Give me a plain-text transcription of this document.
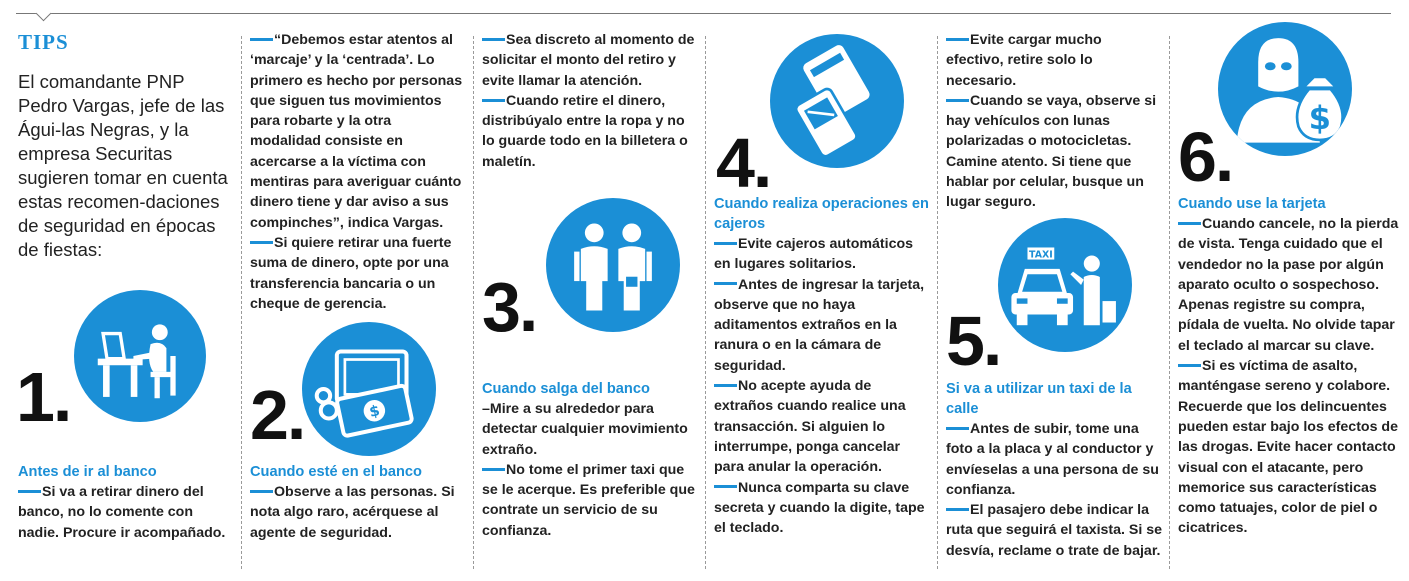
TIPS
El comandante PNP Pedro Vargas, jefe de las Águi-las Negras, y la empresa Securitas sugieren tomar en cuenta estas recomen-daciones de seguridad en épocas de fiestas:
1.
Antes de ir al banco

Si va a retirar dinero del banco, no lo comente con nadie. Procure ir acompañado.

“Debemos estar atentos al ‘marcaje’ y la ‘centrada’. Lo primero es hecho por personas que siguen tus movimientos para robarte y la otra modalidad consiste en acercarse a la víctima con mentiras para averiguar cuánto dinero tiene y dar aviso a sus compinches”, indica Vargas.

Si quiere retirar una fuerte suma de dinero, opte por una transferencia bancaria o un cheque de gerencia.

$
2.
Cuando esté en el banco

Observe a las personas. Si nota algo raro, acérquese al agente de seguridad.

Sea discreto al momento de solicitar el monto del retiro y evite llamar la atención.

Cuando retire el dinero, distribúyalo entre la ropa y no lo guarde todo en la billetera o maletín.

3.
Cuando salga del banco

–Mire a su alrededor para detectar cualquier movimiento extraño.

No tome el primer taxi que se le acerque. Es preferible que contrate un servicio de su confianza.

4.
Cuando realiza operaciones en cajeros

Evite cajeros automáticos en lugares solitarios.

Antes de ingresar la tarjeta, observe que no haya aditamentos extraños en la ranura o en la cámara de seguridad.

No acepte ayuda de extraños cuando realice una transacción. Si alguien lo interrumpe, ponga cancelar para anular la operación.

Nunca comparta su clave secreta y cuando la digite, tape el teclado.

Evite cargar mucho efectivo, retire solo lo necesario.

Cuando se vaya, observe si hay vehículos con lunas polarizadas o motocicletas. Camine atento. Si tiene que hablar por celular, busque un lugar seguro.

TAXI
5.
Si va a utilizar un taxi de la calle

Antes de subir, tome una foto a la placa y al conductor y envíeselas a una persona de su confianza.

El pasajero debe indicar la ruta que seguirá el taxista. Si se desvía, reclame o trate de bajar.

$
6.
Cuando use la tarjeta

Cuando cancele, no la pierda de vista. Tenga cuidado que el vendedor no la pase por algún aparato oculto o sospechoso. Apenas registre su compra, pídala de vuelta. No olvide tapar el teclado al marcar su clave.

Si es víctima de asalto, manténgase sereno y colabore. Recuerde que los delincuentes pueden estar bajo los efectos de las drogas. Evite hacer contacto visual con el atacante, pero memorice sus características como tatuajes, color de piel o cicatrices.
